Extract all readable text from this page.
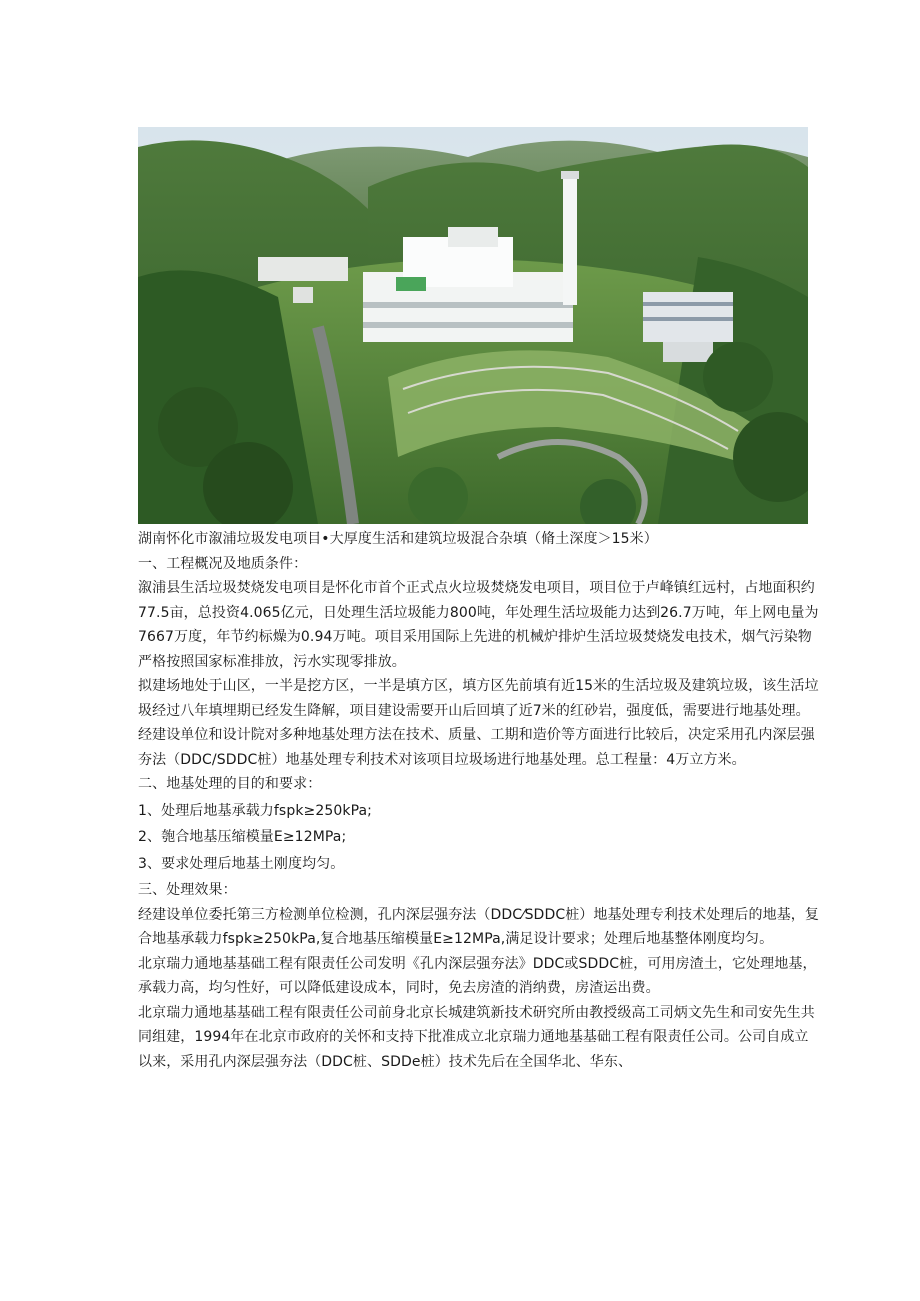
湖南怀化市溆浦垃圾发电项目•大厚度生活和建筑垃圾混合杂填（脩土深度＞15米）

一、工程概况及地质条件：

溆浦县生活垃圾焚烧发电项目是怀化市首个正式点火垃圾焚烧发电项目，项目位于卢峰镇红远村，占地面积约77.5亩，总投资4.065亿元，日处理生活垃圾能力800吨，年处理生活垃圾能力达到26.7万吨，年上网电量为7667万度，年节约标燥为0.94万吨。项目采用国际上先进的机械炉排炉生活垃圾焚烧发电技术，烟气污染物严格按照国家标准排放，污水实现零排放。

拟建场地处于山区，一半是挖方区，一半是填方区，填方区先前填有近15米的生活垃圾及建筑垃圾，该生活垃圾经过八年填埋期已经发生降解，项目建设需要开山后回填了近7米的红砂岩，强度低，需要进行地基处理。

经建设单位和设计院对多种地基处理方法在技术、质量、工期和造价等方面进行比较后，决定采用孔内深层强夯法（DDC/SDDC桩）地基处理专利技术对该项目垃圾场进行地基处理。总工程量：4万立方米。

二、地基处理的目的和要求：

1、处理后地基承载力fspk≥250kPa;

2、匏合地基压缩模量E≥12MPa;

3、要求处理后地基土刚度均匀。

三、处理效果：

经建设单位委托第三方检测单位检测，孔内深层强夯法（DDC⁄SDDC桩）地基处理专利技术处理后的地基，复合地基承载力fspk≥250kPa,复合地基压缩模量E≥12MPa,满足设计要求；处理后地基整体刚度均匀。

北京瑞力通地基基础工程有限责任公司发明《孔内深层强夯法》DDC或SDDC桩，可用房渣土，它处理地基，承载力高，均匀性好，可以降低建设成本，同时，免去房渣的消纳费，房渣运出费。

北京瑞力通地基基础工程有限责任公司前身北京长城建筑新技术研究所由教授级高工司炳文先生和司安先生共同组建，1994年在北京市政府的关怀和支持下批准成立北京瑞力通地基基础工程有限责任公司。公司自成立以来，采用孔内深层强夯法（DDC桩、SDDe桩）技术先后在全国华北、华东、
